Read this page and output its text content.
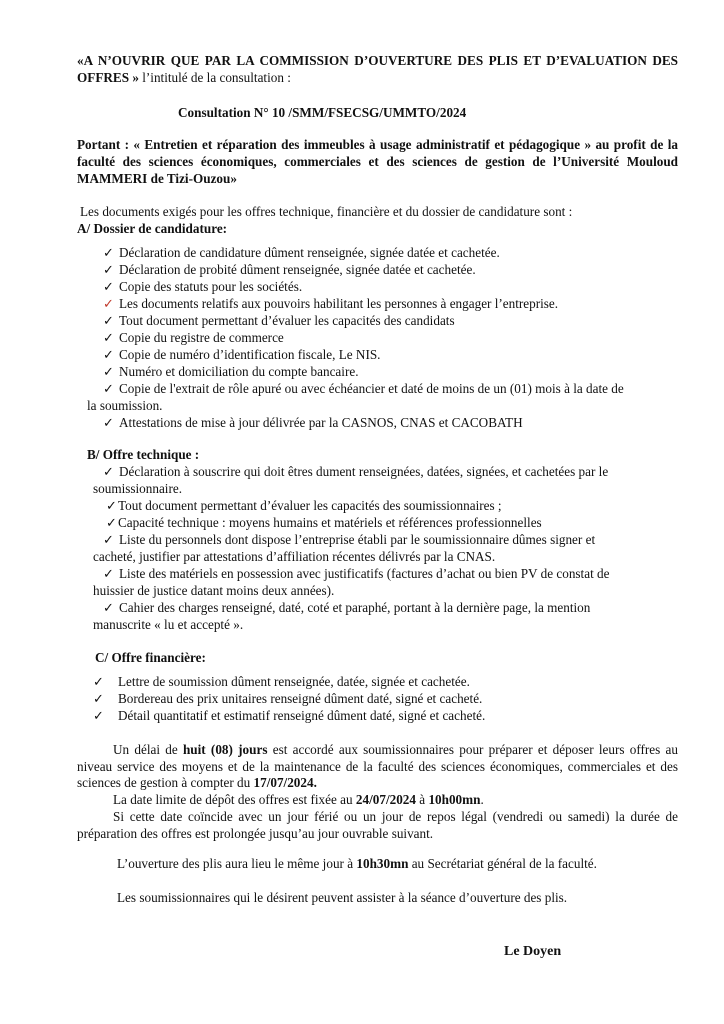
«A N’OUVRIR QUE PAR LA COMMISSION D’OUVERTURE DES PLIS ET D’EVALUATION DES OFFRES » l’intitulé de la consultation :

Consultation N° 10 /SMM/FSECSG/UMMTO/2024

Portant : « Entretien et réparation des immeubles à usage administratif et pédagogique » au profit de la faculté des sciences économiques, commerciales et des sciences de gestion de l’Université Mouloud MAMMERI de Tizi-Ouzou»

Les documents exigés pour les offres technique, financière et du dossier de candidature sont :

A/ Dossier de candidature:

✓ Déclaration de candidature dûment renseignée, signée datée et cachetée.
✓ Déclaration de probité dûment renseignée, signée datée et cachetée.
✓ Copie des statuts pour les sociétés.
✓ Les documents relatifs aux pouvoirs habilitant les personnes à engager l’entreprise.
✓ Tout document permettant d’évaluer les capacités des candidats
✓ Copie du registre de commerce
✓ Copie de numéro d’identification fiscale, Le NIS.
✓ Numéro et domiciliation du compte bancaire.
✓ Copie de l'extrait de rôle apuré ou avec échéancier et daté de moins de un (01) mois à la date de
la soumission.
✓ Attestations de mise à jour délivrée par la CASNOS, CNAS et CACOBATH

B/ Offre technique :

✓ Déclaration à souscrire qui doit êtres dument renseignées, datées, signées, et cachetées par le
soumissionnaire.
✓Tout document permettant d’évaluer les capacités des soumissionnaires ;
✓Capacité technique : moyens humains et matériels et références professionnelles
✓ Liste du personnels dont dispose l’entreprise établi par le soumissionnaire dûmes signer et
cacheté, justifier par attestations d’affiliation récentes délivrés par la CNAS.
✓ Liste des matériels en possession avec justificatifs (factures d’achat ou bien PV de constat de
huissier de justice datant moins deux années).
✓ Cahier des charges renseigné, daté, coté et paraphé, portant à la dernière page, la mention
manuscrite « lu et accepté ».

C/ Offre financière:

✓ Lettre de soumission dûment renseignée, datée, signée et cachetée.
✓ Bordereau des prix unitaires renseigné dûment daté, signé et cacheté.
✓ Détail quantitatif et estimatif renseigné dûment daté, signé et cacheté.

Un délai de huit (08) jours est accordé aux soumissionnaires pour préparer et déposer leurs offres au niveau service des moyens et de la maintenance de la faculté des sciences économiques, commerciales et des sciences de gestion à compter du 17/07/2024.

La date limite de dépôt des offres est fixée au 24/07/2024 à 10h00mn.

Si cette date coïncide avec un jour férié ou un jour de repos légal (vendredi ou samedi) la durée de préparation des offres est prolongée jusqu’au jour ouvrable suivant.

L’ouverture des plis aura lieu le même jour à 10h30mn au Secrétariat général de la faculté.

Les soumissionnaires qui le désirent peuvent assister à la séance d’ouverture des plis.

Le Doyen
